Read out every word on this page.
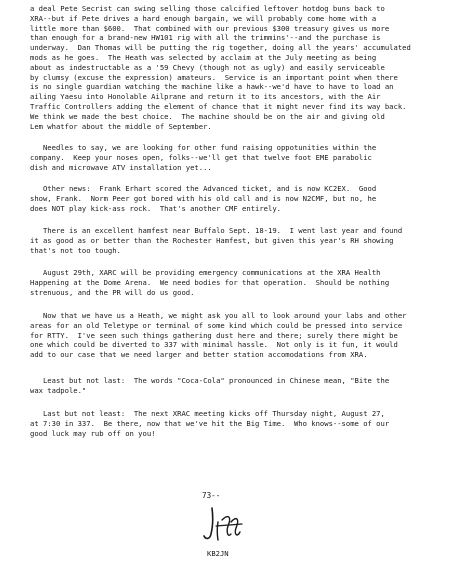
a deal Pete Secrist can swing selling those calcified leftover hotdog buns back to
XRA--but if Pete drives a hard enough bargain, we will probably come home with a
little more than $600.  That combined with our previous $300 treasury gives us more
than enough for a brand-new HW101 rig with all the trimmins'--and the purchase is
underway.  Dan Thomas will be putting the rig together, doing all the years' accumulated
mods as he goes.  The Heath was selected by acclaim at the July meeting as being
about as indestructable as a '59 Chevy (though not as ugly) and easily serviceable
by clumsy (excuse the expression) amateurs.  Service is an important point when there
is no single guardian watching the machine like a hawk--we'd have to have to load an
ailing Yaesu into Honolable Ailprane and return it to its ancestors, with the Air
Traffic Controllers adding the element of chance that it might never find its way back.
We think we made the best choice.  The machine should be on the air and giving old
Lem whatfor about the middle of September.
Needles to say, we are looking for other fund raising oppotunities within the
company.  Keep your noses open, folks--we'll get that twelve foot EME parabolic
dish and microwave ATV installation yet...
Other news:  Frank Erhart scored the Advanced ticket, and is now KC2EX.  Good
show, Frank.  Norm Peer got bored with his old call and is now N2CMF, but no, he
does NOT play kick-ass rock.  That's another CMF entirely.
There is an excellent hamfest near Buffalo Sept. 18-19.  I went last year and found
it as good as or better than the Rochester Hamfest, but given this year's RH showing
that's not too tough.
August 29th, XARC will be providing emergency communications at the XRA Health
Happening at the Dome Arena.  We need bodies for that operation.  Should be nothing
strenuous, and the PR will do us good.
Now that we have us a Heath, we might ask you all to look around your labs and other
areas for an old Teletype or terminal of some kind which could be pressed into service
for RTTY.  I've seen such things gathering dust here and there; surely there might be
one which could be diverted to 337 with minimal hassle.  Not only is it fun, it would
add to our case that we need larger and better station accomodations from XRA.
Least but not last:  The words "Coca-Cola" pronounced in Chinese mean, "Bite the
wax tadpole."
Last but not least:  The next XRAC meeting kicks off Thursday night, August 27,
at 7:30 in 337.  Be there, now that we've hit the Big Time.  Who knows--some of our
good luck may rub off on you!
73--
KB2JN
